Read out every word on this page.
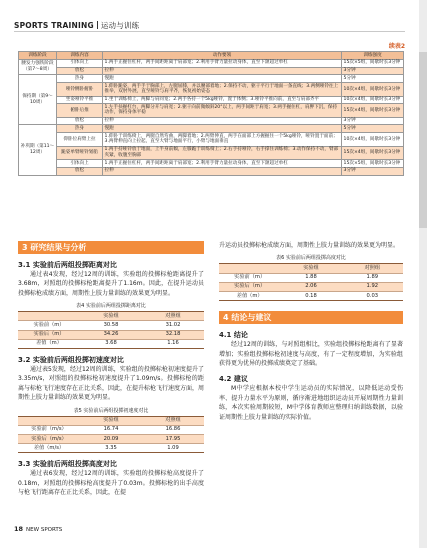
SPORTS TRAINING 运动与训练
续表2
训练阶段	训练内容	动作要领	训练强度
腰发力强铁阶段（第7～8周）	引体向上	1.两手正握住杠杆，两手间距距离于肩部宽；2.利用手臂力量拉动身体，直至下颌超过单杠	15次×5组，间歇时长3分钟
	放松	拉伸	3分钟
保持期（第9～10周）	热身	慢跑	5分钟
	哑铃侧卧俯卧	1.仰卧跪姿，两手手于胸部上，左腿屈膝，并以腰部着地；2.保持不动，躯干平行于地面一条直线；3.两侧哑铃往上推举，双肘外展，直至哑铃与肩平齐，恢复初始姿态	10次×4组，间歇时长3分钟
	坐姿哑铃平推	1.坐于训练椅上，两脚与肩同宽；2.两手各持一个5kg哑铃，置于体侧；3.哑铃平推向前，直至与肩部齐平	10次×4组，间歇时长3分钟
	俯卧后推	1.左手扶握杠台，两脚分开与肩宽；2.躯干向前微倾斜20°以上，两手间距于肩宽；3.两手握住杠，肩胛下沉，保持动作，保持身体平稳	15次×4组，间歇时长3分钟
	放松	拉伸	3分钟
补巩期（第11～12周）	热身	慢跑	5分钟
	仰卧位肩臂上拉	1.仰卧于训练椅上，两腿自然弯曲，两脚着地；2.两臂伸直，两手在面部上方握握住一个5kg哑铃，哑铃置于面前；3.两臂伸直向上拉起，直至大臂与地面平行，小臂与地面垂直	10次×4组，间歇时长3分钟
	跪姿单臂哑铃划船	1.两手持哑铃放于地面，上半身前倾，左膝跪于训练椅上；2.右手持哑铃，右手撑住训练椅；3.动作保持不动，臂部夹紧，收腹至胸部	15次×4组，间歇时长3分钟
	引体向上	1.两手正握住杠杆，两手间距距离于肩部宽；2.利用手臂力量拉动身体，直至下颌超过单杠	15次×5组，间歇时长3分钟
	放松	拉伸	3分钟
3 研究结果与分析
3.1 实验前后两组投掷距离对比

通过表4发现，经过12周的训练，实验组的投掷标枪距离提升了3.68m，对照组的投掷标枪距离提升了1.16m。因此，在提升运动员投掷标枪成绩方面，周期性上肢力量训练的效果更为明显。

表4 实验前后两组投掷距离对比
	实验组	对照组
实验前（m）	30.58	31.02
实验后（m）	34.26	32.18
差值（m）	3.68	1.16
3.2 实验前后两组投掷初速度对比

通过表5发现，经过12周的训练，实验组的投掷标枪初速度提升了3.35m/s，对照组的投掷标枪初速度提升了1.09m/s。投掷标枪的距离与标枪飞行速度存在正比关系，因此，在提升标枪飞行速度方面，周期性上肢力量训练的效果更为明显。

表5 实验前后两组投掷初速度对比
	实验组	对照组
实验前（m/s）	16.74	16.86
实验后（m/s）	20.09	17.95
差值（m/s）	3.35	1.09
3.3 实验前后两组投掷高度对比

通过表6发现，经过12周的训练，实验组的投掷标枪高度提升了0.18m，对照组的投掷标枪高度提升了0.03m。投掷标枪的出手高度与枪飞行距离存在正比关系，因此，在提

升运动员投掷标枪成绩方面，周期性上肢力量训练的效果更为明显。

表6 实验前后两组投掷高度对比
	实验组	对照组
实验前（m）	1.88	1.89
实验后（m）	2.06	1.92
差值（m）	0.18	0.03
4 结论与建议
4.1 结论

经过12周的训练，与对照组相比，实验组投掷标枪距离有了显著增加；实验组投掷标枪初速度与高度，有了一定程度增加，为实验组获得更为优异的投掷成绩奠定了基础。

4.2 建议

M中学应根据本校中学生运动员的实际情况，以降低运动受伤率、提升力量水平为原则，循序渐进地组织运动员开展周期性力量训练，本次实验周期较短，M中学体育教师应整理归纳训练数据，以验证周期性上肢力量训练的实际价值。

18 NEW SPORTS
